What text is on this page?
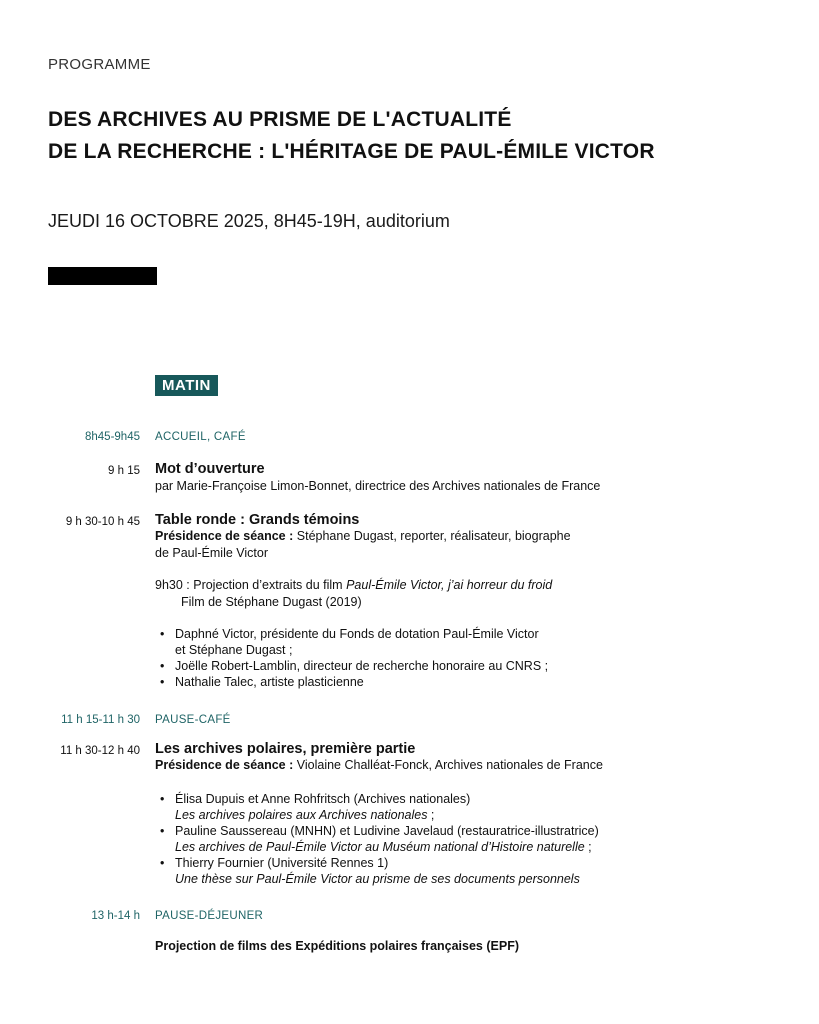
PROGRAMME
DES ARCHIVES AU PRISME DE L'ACTUALITÉ
DE LA RECHERCHE : L'HÉRITAGE DE PAUL-ÉMILE VICTOR
JEUDI 16 OCTOBRE 2025, 8H45-19H, auditorium
MATIN
8h45-9h45 ACCUEIL, CAFÉ
9 h 15 Mot d’ouverture
par Marie-Françoise Limon-Bonnet, directrice des Archives nationales de France
9 h 30-10 h 45 Table ronde : Grands témoins
Présidence de séance : Stéphane Dugast, reporter, réalisateur, biographe
de Paul-Émile Victor
9h30 : Projection d’extraits du film Paul-Émile Victor, j’ai horreur du froid
Film de Stéphane Dugast (2019)
• Daphné Victor, présidente du Fonds de dotation Paul-Émile Victor
et Stéphane Dugast ;
• Joëlle Robert-Lamblin, directeur de recherche honoraire au CNRS ;
• Nathalie Talec, artiste plasticienne
11 h 15-11 h 30 PAUSE-CAFÉ
11 h 30-12 h 40 Les archives polaires, première partie
Présidence de séance : Violaine Challéat-Fonck, Archives nationales de France
• Élisa Dupuis et Anne Rohfritsch (Archives nationales)
Les archives polaires aux Archives nationales ;
• Pauline Saussereau (MNHN) et Ludivine Javelaud (restauratrice-illustratrice)
Les archives de Paul-Émile Victor au Muséum national d’Histoire naturelle ;
• Thierry Fournier (Université Rennes 1)
Une thèse sur Paul-Émile Victor au prisme de ses documents personnels
13 h-14 h PAUSE-DÉJEUNER
Projection de films des Expéditions polaires françaises (EPF)
